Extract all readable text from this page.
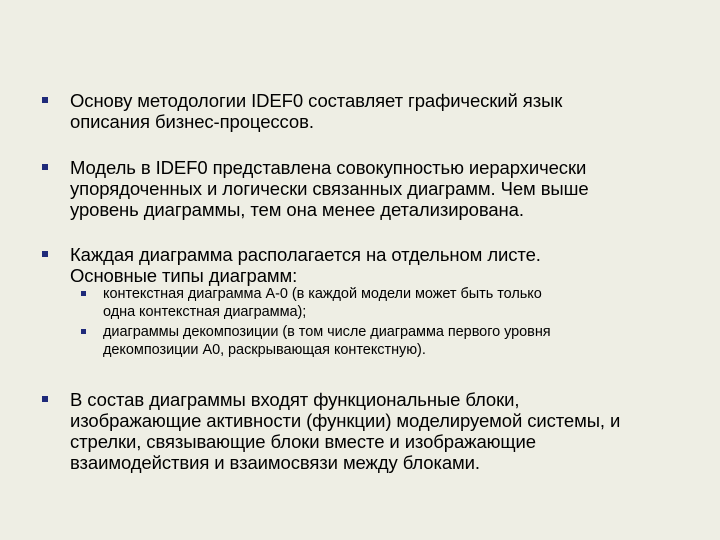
Основу методологии IDEF0 составляет графический язык
описания бизнес-процессов.
Модель в IDEF0 представлена совокупностью иерархически
упорядоченных и логически связанных диаграмм. Чем выше
уровень диаграммы, тем она менее детализирована.
Каждая диаграмма располагается на отдельном листе.
Основные типы диаграмм:
контекстная диаграмма А-0 (в каждой модели может быть только
одна контекстная диаграмма);
диаграммы декомпозиции (в том числе диаграмма первого уровня
декомпозиции А0, раскрывающая контекстную).
В состав диаграммы входят функциональные блоки,
изображающие активности (функции) моделируемой системы, и
стрелки, связывающие блоки вместе и изображающие
взаимодействия и взаимосвязи между блоками.
